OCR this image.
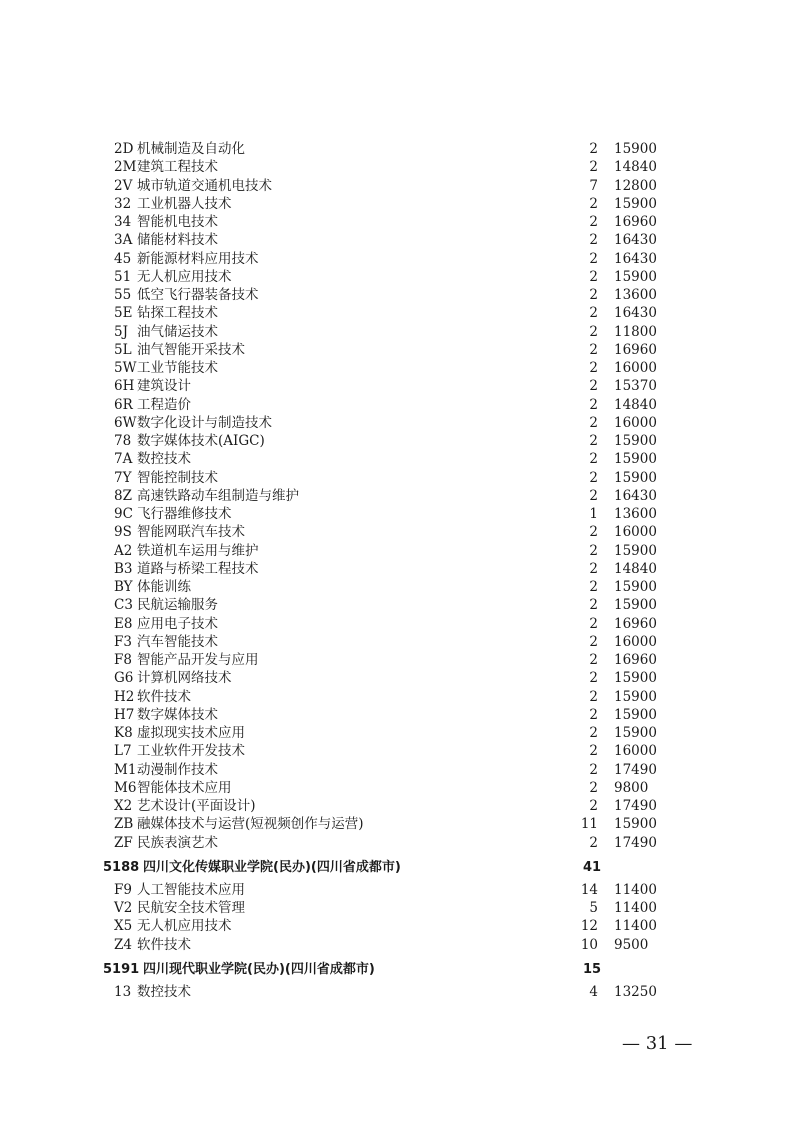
2D 机械制造及自动化	2 15900
2M 建筑工程技术	2 14840
2V 城市轨道交通机电技术	7 12800
32 工业机器人技术	2 15900
34 智能机电技术	2 16960
3A 储能材料技术	2 16430
45 新能源材料应用技术	2 16430
51 无人机应用技术	2 15900
55 低空飞行器装备技术	2 13600
5E 钻探工程技术	2 16430
5J 油气储运技术	2 11800
5L 油气智能开采技术	2 16960
5W 工业节能技术	2 16000
6H 建筑设计	2 15370
6R 工程造价	2 14840
6W 数字化设计与制造技术	2 16000
78 数字媒体技术(AIGC)	2 15900
7A 数控技术	2 15900
7Y 智能控制技术	2 15900
8Z 高速铁路动车组制造与维护	2 16430
9C 飞行器维修技术	1 13600
9S 智能网联汽车技术	2 16000
A2 铁道机车运用与维护	2 15900
B3 道路与桥梁工程技术	2 14840
BY 体能训练	2 15900
C3 民航运输服务	2 15900
E8 应用电子技术	2 16960
F3 汽车智能技术	2 16000
F8 智能产品开发与应用	2 16960
G6 计算机网络技术	2 15900
H2 软件技术	2 15900
H7 数字媒体技术	2 15900
K8 虚拟现实技术应用	2 15900
L7 工业软件开发技术	2 16000
M1 动漫制作技术	2 17490
M6 智能体技术应用	2 9800
X2 艺术设计(平面设计)	2 17490
ZB 融媒体技术与运营(短视频创作与运营)	11 15900
ZF 民族表演艺术	2 17490
5188 四川文化传媒职业学院(民办)(四川省成都市)	41
F9 人工智能技术应用	14 11400
V2 民航安全技术管理	5 11400
X5 无人机应用技术	12 11400
Z4 软件技术	10 9500
5191 四川现代职业学院(民办)(四川省成都市)	15
13 数控技术	4 13250
— 31 —
